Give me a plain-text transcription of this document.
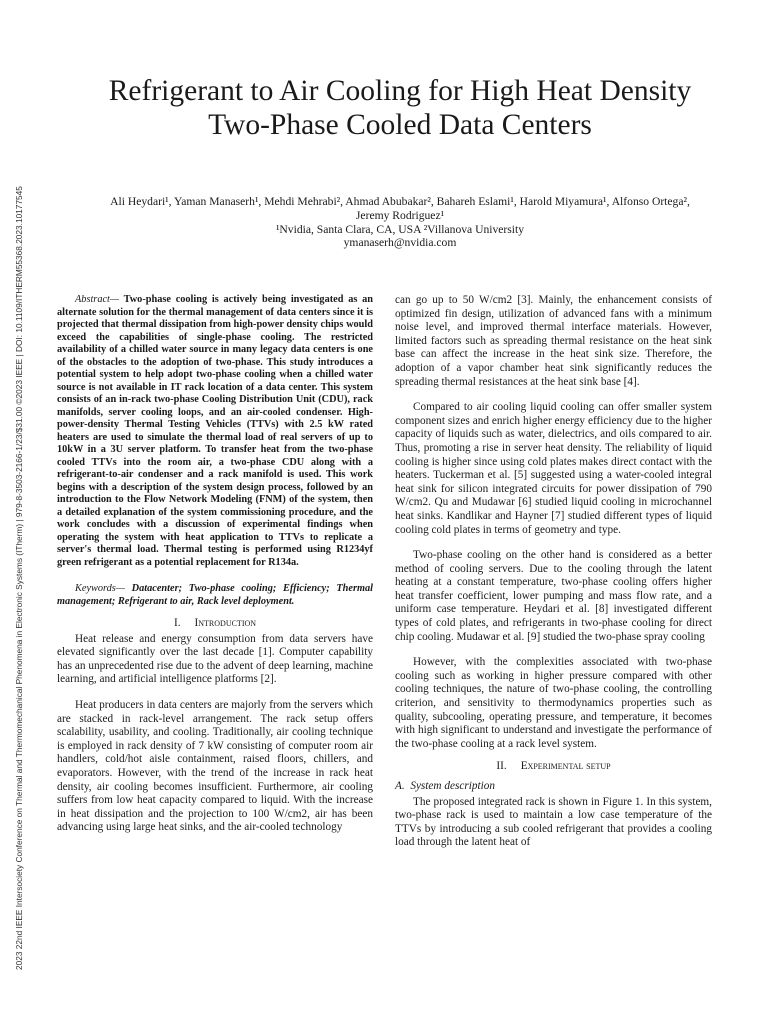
2023 22nd IEEE Intersociety Conference on Thermal and Thermomechanical Phenomena in Electronic Systems (ITherm) | 979-8-3503-2166-1/23/$31.00 ©2023 IEEE | DOI: 10.1109/ITHERM55368.2023.10177545
Refrigerant to Air Cooling for High Heat Density
Two-Phase Cooled Data Centers
Ali Heydari¹, Yaman Manaserh¹, Mehdi Mehrabi², Ahmad Abubakar², Bahareh Eslami¹, Harold Miyamura¹, Alfonso Ortega²,
Jeremy Rodriguez¹
¹Nvidia, Santa Clara, CA, USA ²Villanova University
ymanaserh@nvidia.com

Abstract— Two-phase cooling is actively being investigated as an alternate solution for the thermal management of data centers since it is projected that thermal dissipation from high-power density chips would exceed the capabilities of single-phase cooling. The restricted availability of a chilled water source in many legacy data centers is one of the obstacles to the adoption of two-phase. This study introduces a potential system to help adopt two-phase cooling when a chilled water source is not available in IT rack location of a data center. This system consists of an in-rack two-phase Cooling Distribution Unit (CDU), rack manifolds, server cooling loops, and an air-cooled condenser. High-power-density Thermal Testing Vehicles (TTVs) with 2.5 kW rated heaters are used to simulate the thermal load of real servers of up to 10kW in a 3U server platform. To transfer heat from the two-phase cooled TTVs into the room air, a two-phase CDU along with a refrigerant-to-air condenser and a rack manifold is used. This work begins with a description of the system design process, followed by an introduction to the Flow Network Modeling (FNM) of the system, then a detailed explanation of the system commissioning procedure, and the work concludes with a discussion of experimental findings when operating the system with heat application to TTVs to replicate a server's thermal load. Thermal testing is performed using R1234yf green refrigerant as a potential replacement for R134a.

Keywords— Datacenter; Two-phase cooling; Efficiency; Thermal management; Refrigerant to air, Rack level deployment.

I. Introduction

Heat release and energy consumption from data servers have elevated significantly over the last decade [1]. Computer capability has an unprecedented rise due to the advent of deep learning, machine learning, and artificial intelligence platforms [2].

Heat producers in data centers are majorly from the servers which are stacked in rack-level arrangement. The rack setup offers scalability, usability, and cooling. Traditionally, air cooling technique is employed in rack density of 7 kW consisting of computer room air handlers, cold/hot aisle containment, raised floors, chillers, and evaporators. However, with the trend of the increase in rack heat density, air cooling becomes insufficient. Furthermore, air cooling suffers from low heat capacity compared to liquid. With the increase in heat dissipation and the projection to 100 W/cm2, air has been advancing using large heat sinks, and the air-cooled technology

can go up to 50 W/cm2 [3]. Mainly, the enhancement consists of optimized fin design, utilization of advanced fans with a minimum noise level, and improved thermal interface materials. However, limited factors such as spreading thermal resistance on the heat sink base can affect the increase in the heat sink size. Therefore, the adoption of a vapor chamber heat sink significantly reduces the spreading thermal resistances at the heat sink base [4].

Compared to air cooling liquid cooling can offer smaller system component sizes and enrich higher energy efficiency due to the higher capacity of liquids such as water, dielectrics, and oils compared to air. Thus, promoting a rise in server heat density. The reliability of liquid cooling is higher since using cold plates makes direct contact with the heaters. Tuckerman et al. [5] suggested using a water-cooled integral heat sink for silicon integrated circuits for power dissipation of 790 W/cm2. Qu and Mudawar [6] studied liquid cooling in microchannel heat sinks. Kandlikar and Hayner [7] studied different types of liquid cooling cold plates in terms of geometry and type.

Two-phase cooling on the other hand is considered as a better method of cooling servers. Due to the cooling through the latent heating at a constant temperature, two-phase cooling offers higher heat transfer coefficient, lower pumping and mass flow rate, and a uniform case temperature. Heydari et al. [8] investigated different types of cold plates, and refrigerants in two-phase cooling for direct chip cooling. Mudawar et al. [9] studied the two-phase spray cooling

However, with the complexities associated with two-phase cooling such as working in higher pressure compared with other cooling techniques, the nature of two-phase cooling, the controlling criterion, and sensitivity to thermodynamics properties such as quality, subcooling, operating pressure, and temperature, it becomes with high significant to understand and investigate the performance of the two-phase cooling at a rack level system.

II. Experimental setup
A. System description

The proposed integrated rack is shown in Figure 1. In this system, two-phase rack is used to maintain a low case temperature of the TTVs by introducing a sub cooled refrigerant that provides a cooling load through the latent heat of
